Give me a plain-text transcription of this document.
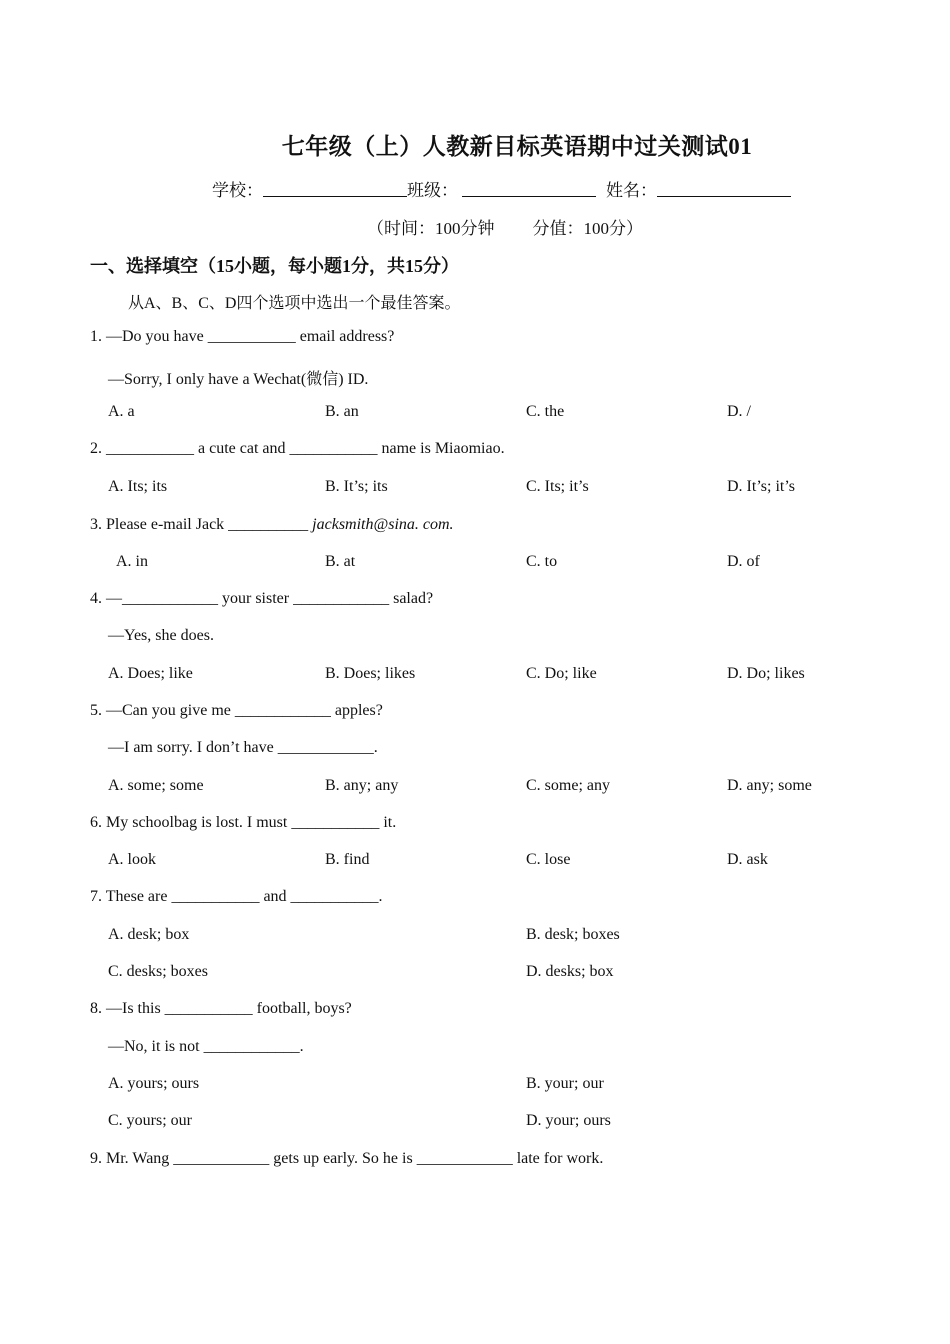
七年级（上）人教新目标英语期中过关测试01
学校：	班级：	姓名：
（时间：100分钟 分值：100分）
一、选择填空（15小题，每小题1分，共15分）
从A、B、C、D四个选项中选出一个最佳答案。
1. —Do you have ___________ email address?
—Sorry, I only have a Wechat(微信) ID.
A. a	B. an	C. the	D. /
2. ___________ a cute cat and ___________ name is Miaomiao.
A. Its; its	B. It’s; its	C. Its; it’s	D. It’s; it’s
3. Please e-mail Jack __________ jacksmith@sina. com.
A. in	B. at	C. to	D. of
4. —____________ your sister ____________ salad?
—Yes, she does.
A. Does; like	B. Does; likes	C. Do; like	D. Do; likes
5. —Can you give me ____________ apples?
—I am sorry. I don’t have ____________.
A. some; some	B. any; any	C. some; any	D. any; some
6. My schoolbag is lost. I must ___________ it.
A. look	B. find	C. lose	D. ask
7. These are ___________ and ___________.
A. desk; box	B. desk; boxes
C. desks; boxes	D. desks; box
8. —Is this ___________ football, boys?
—No, it is not ____________.
A. yours; ours	B. your; our
C. yours; our	D. your; ours
9. Mr. Wang ____________ gets up early. So he is ____________ late for work.
